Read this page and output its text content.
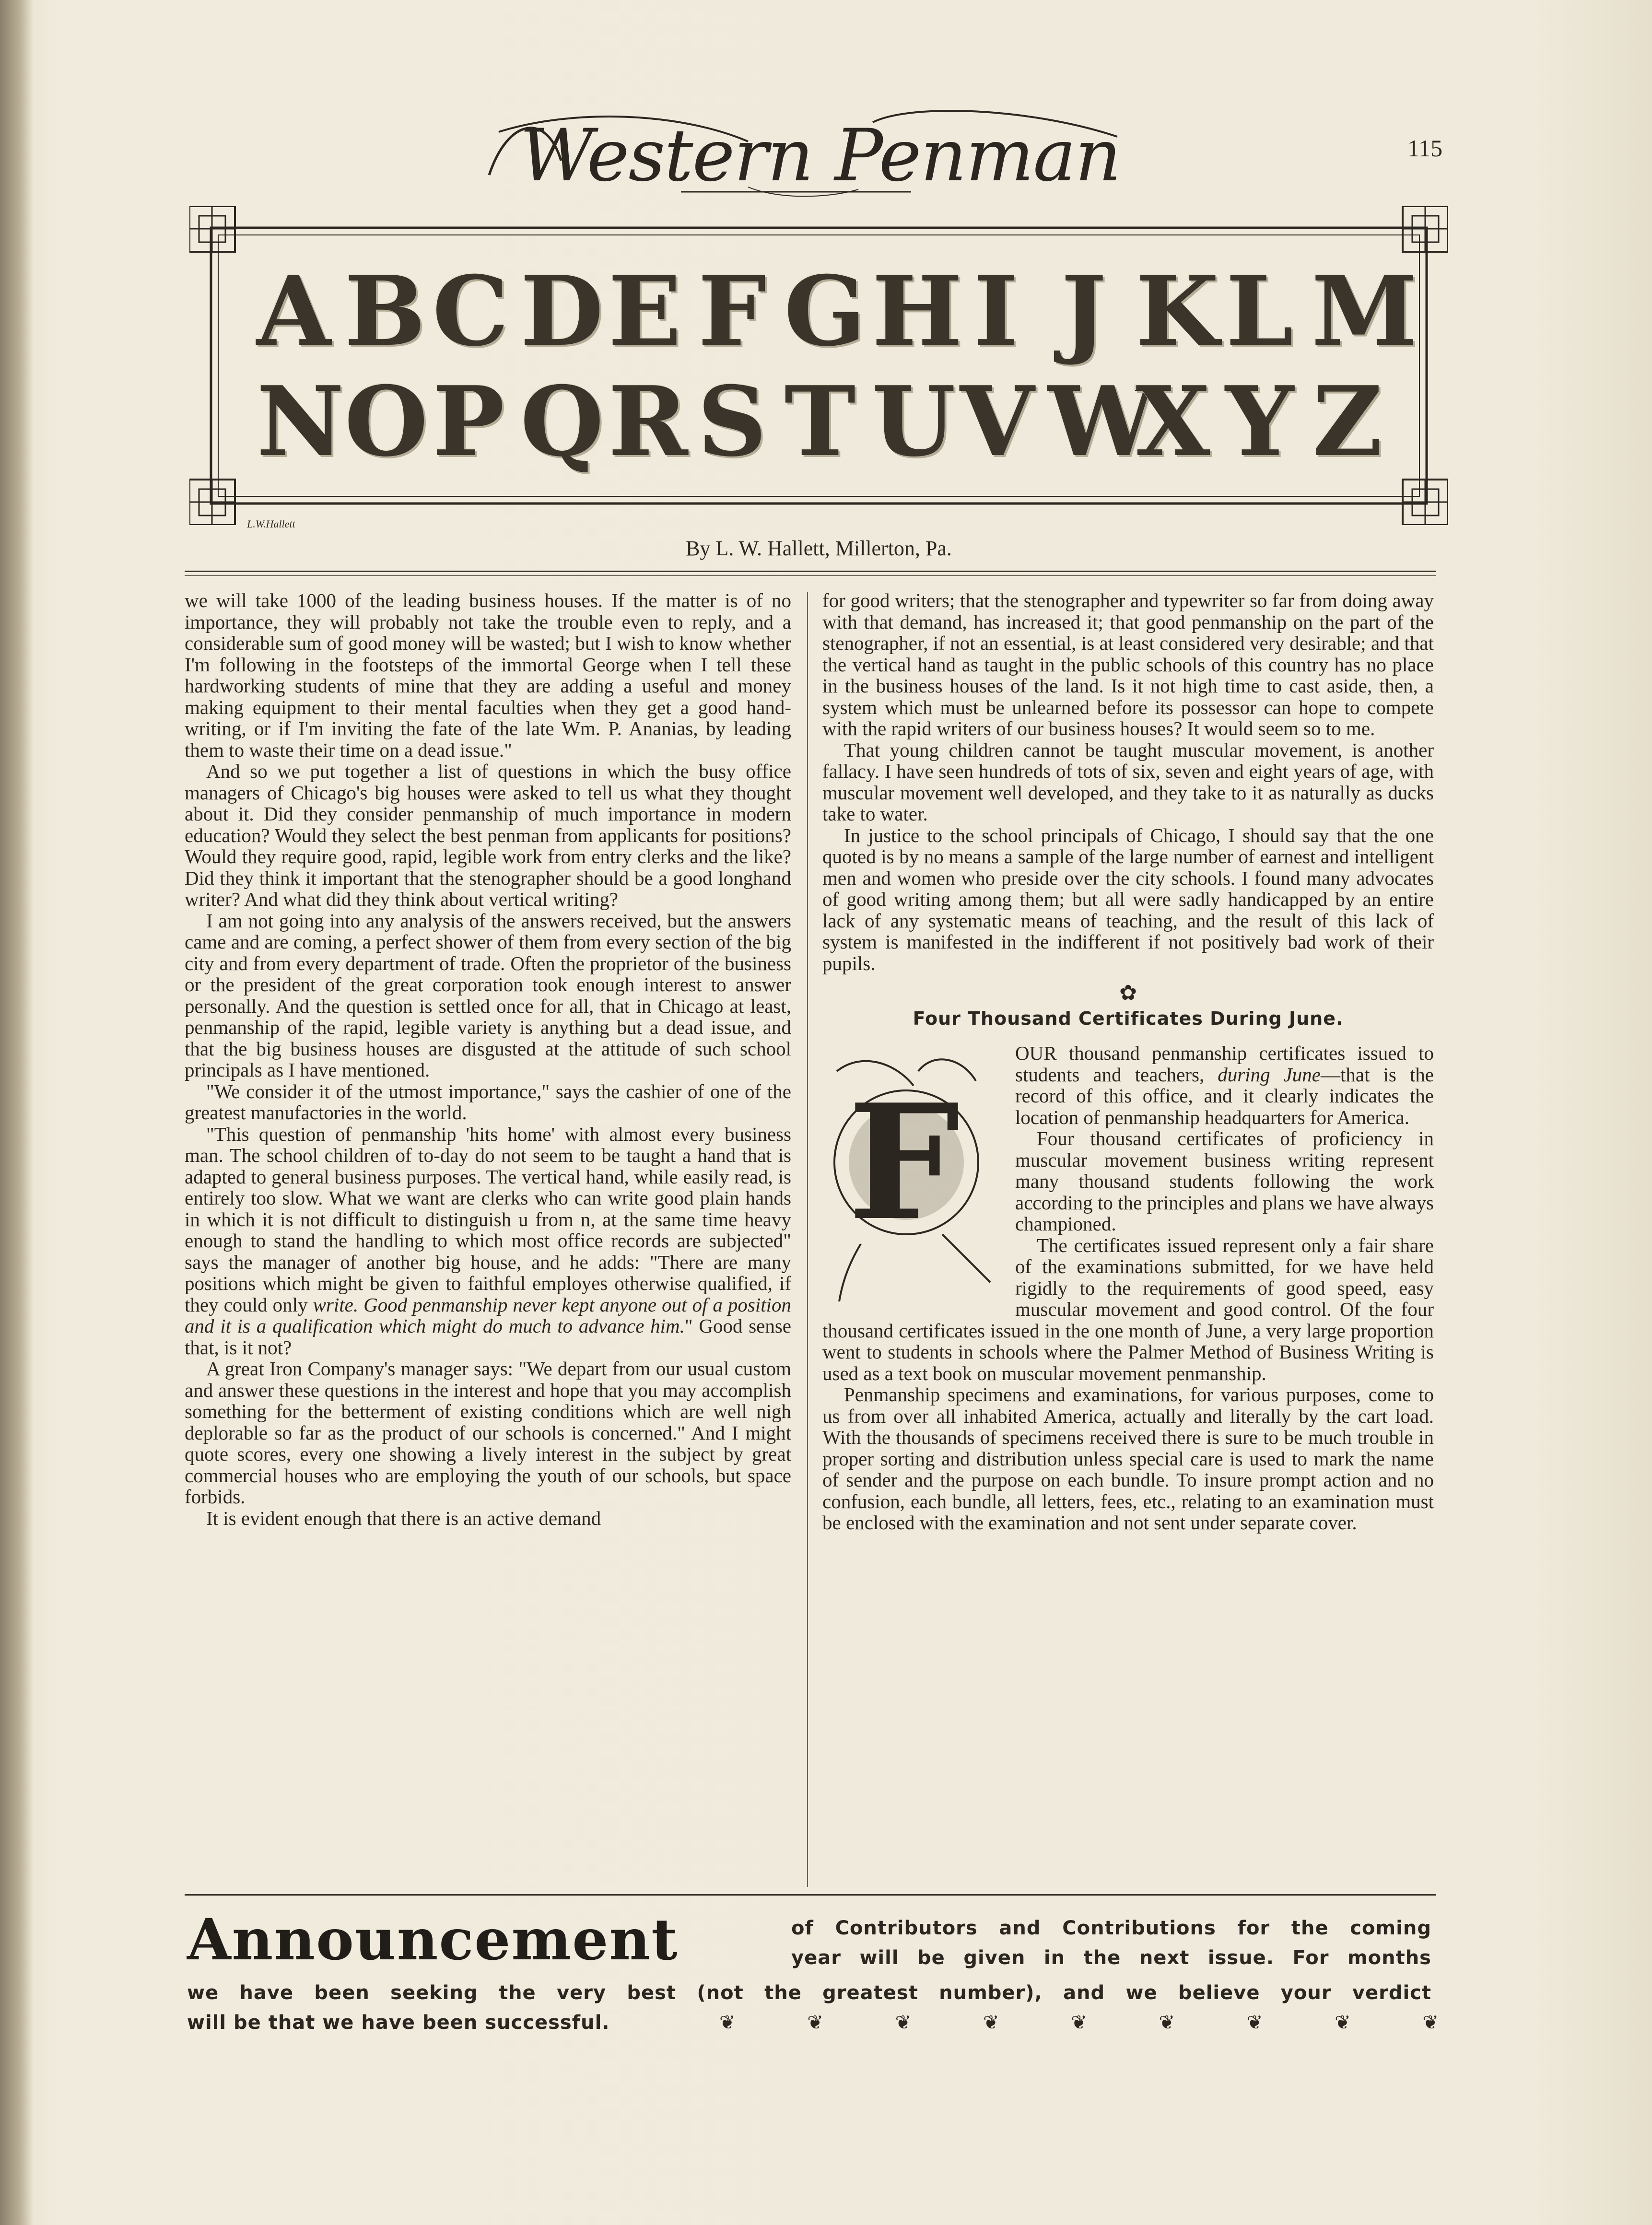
Western Penman	115
A B C D E F G H I J K L M
N O P Q R S T U V W
X Y Z
L.W.Hallett
By L. W. Hallett, Millerton, Pa.

we will take 1000 of the leading business houses. If the matter is of no importance, they will probably not take the trouble even to reply, and a considerable sum of good money will be wasted; but I wish to know whether I'm following in the footsteps of the immortal George when I tell these hardworking students of mine that they are adding a useful and money making equipment to their mental faculties when they get a good hand-writing, or if I'm inviting the fate of the late Wm. P. Ananias, by leading them to waste their time on a dead issue."

And so we put together a list of questions in which the busy office managers of Chicago's big houses were asked to tell us what they thought about it. Did they consider penmanship of much importance in modern education? Would they select the best penman from applicants for positions? Would they require good, rapid, legible work from entry clerks and the like? Did they think it important that the stenographer should be a good longhand writer? And what did they think about vertical writing?

I am not going into any analysis of the answers received, but the answers came and are coming, a perfect shower of them from every section of the big city and from every department of trade. Often the proprietor of the business or the president of the great corporation took enough interest to answer personally. And the question is settled once for all, that in Chicago at least, penmanship of the rapid, legible variety is anything but a dead issue, and that the big business houses are disgusted at the attitude of such school principals as I have mentioned.

"We consider it of the utmost importance," says the cashier of one of the greatest manufactories in the world.

"This question of penmanship 'hits home' with almost every business man. The school children of to-day do not seem to be taught a hand that is adapted to general business purposes. The vertical hand, while easily read, is entirely too slow. What we want are clerks who can write good plain hands in which it is not difficult to distinguish u from n, at the same time heavy enough to stand the handling to which most office records are subjected" says the manager of another big house, and he adds: "There are many positions which might be given to faithful employes otherwise qualified, if they could only write. Good penmanship never kept anyone out of a position and it is a qualification which might do much to advance him." Good sense that, is it not?

A great Iron Company's manager says: "We depart from our usual custom and answer these questions in the interest and hope that you may accomplish something for the betterment of existing conditions which are well nigh deplorable so far as the product of our schools is concerned." And I might quote scores, every one showing a lively interest in the subject by great commercial houses who are employing the youth of our schools, but space forbids.

It is evident enough that there is an active demand

for good writers; that the stenographer and typewriter so far from doing away with that demand, has increased it; that good penmanship on the part of the stenographer, if not an essential, is at least considered very desirable; and that the vertical hand as taught in the public schools of this country has no place in the business houses of the land. Is it not high time to cast aside, then, a system which must be unlearned before its possessor can hope to compete with the rapid writers of our business houses? It would seem so to me.

That young children cannot be taught muscular movement, is another fallacy. I have seen hundreds of tots of six, seven and eight years of age, with muscular movement well developed, and they take to it as naturally as ducks take to water.

In justice to the school principals of Chicago, I should say that the one quoted is by no means a sample of the large number of earnest and intelligent men and women who preside over the city schools. I found many advocates of good writing among them; but all were sadly handicapped by an entire lack of any systematic means of teaching, and the result of this lack of system is manifested in the indifferent if not positively bad work of their pupils.

✿
Four Thousand Certificates During June.
F

OUR thousand penmanship certificates issued to students and teachers, during June—that is the record of this office, and it clearly indicates the location of penmanship headquarters for America.

Four thousand certificates of proficiency in muscular movement business writing represent many thousand students following the work according to the principles and plans we have always championed.

The certificates issued represent only a fair share of the examinations submitted, for we have held rigidly to the requirements of good speed, easy muscular movement and good control. Of the four thousand certificates issued in the one month of June, a very large proportion went to students in schools where the Palmer Method of Business Writing is used as a text book on muscular movement penmanship.

Penmanship specimens and examinations, for various purposes, come to us from over all inhabited America, actually and literally by the cart load. With the thousands of specimens received there is sure to be much trouble in proper sorting and distribution unless special care is used to mark the name of sender and the purpose on each bundle. To insure prompt action and no confusion, each bundle, all letters, fees, etc., relating to an examination must be enclosed with the examination and not sent under separate cover.

Announcement	of Contributors and Contributions for the coming
year will be given in the next issue. For months
we have been seeking the very best (not the greatest number), and we believe your verdict
will be that we have been successful.	❦	❦	❦	❦	❦	❦	❦	❦	❦
